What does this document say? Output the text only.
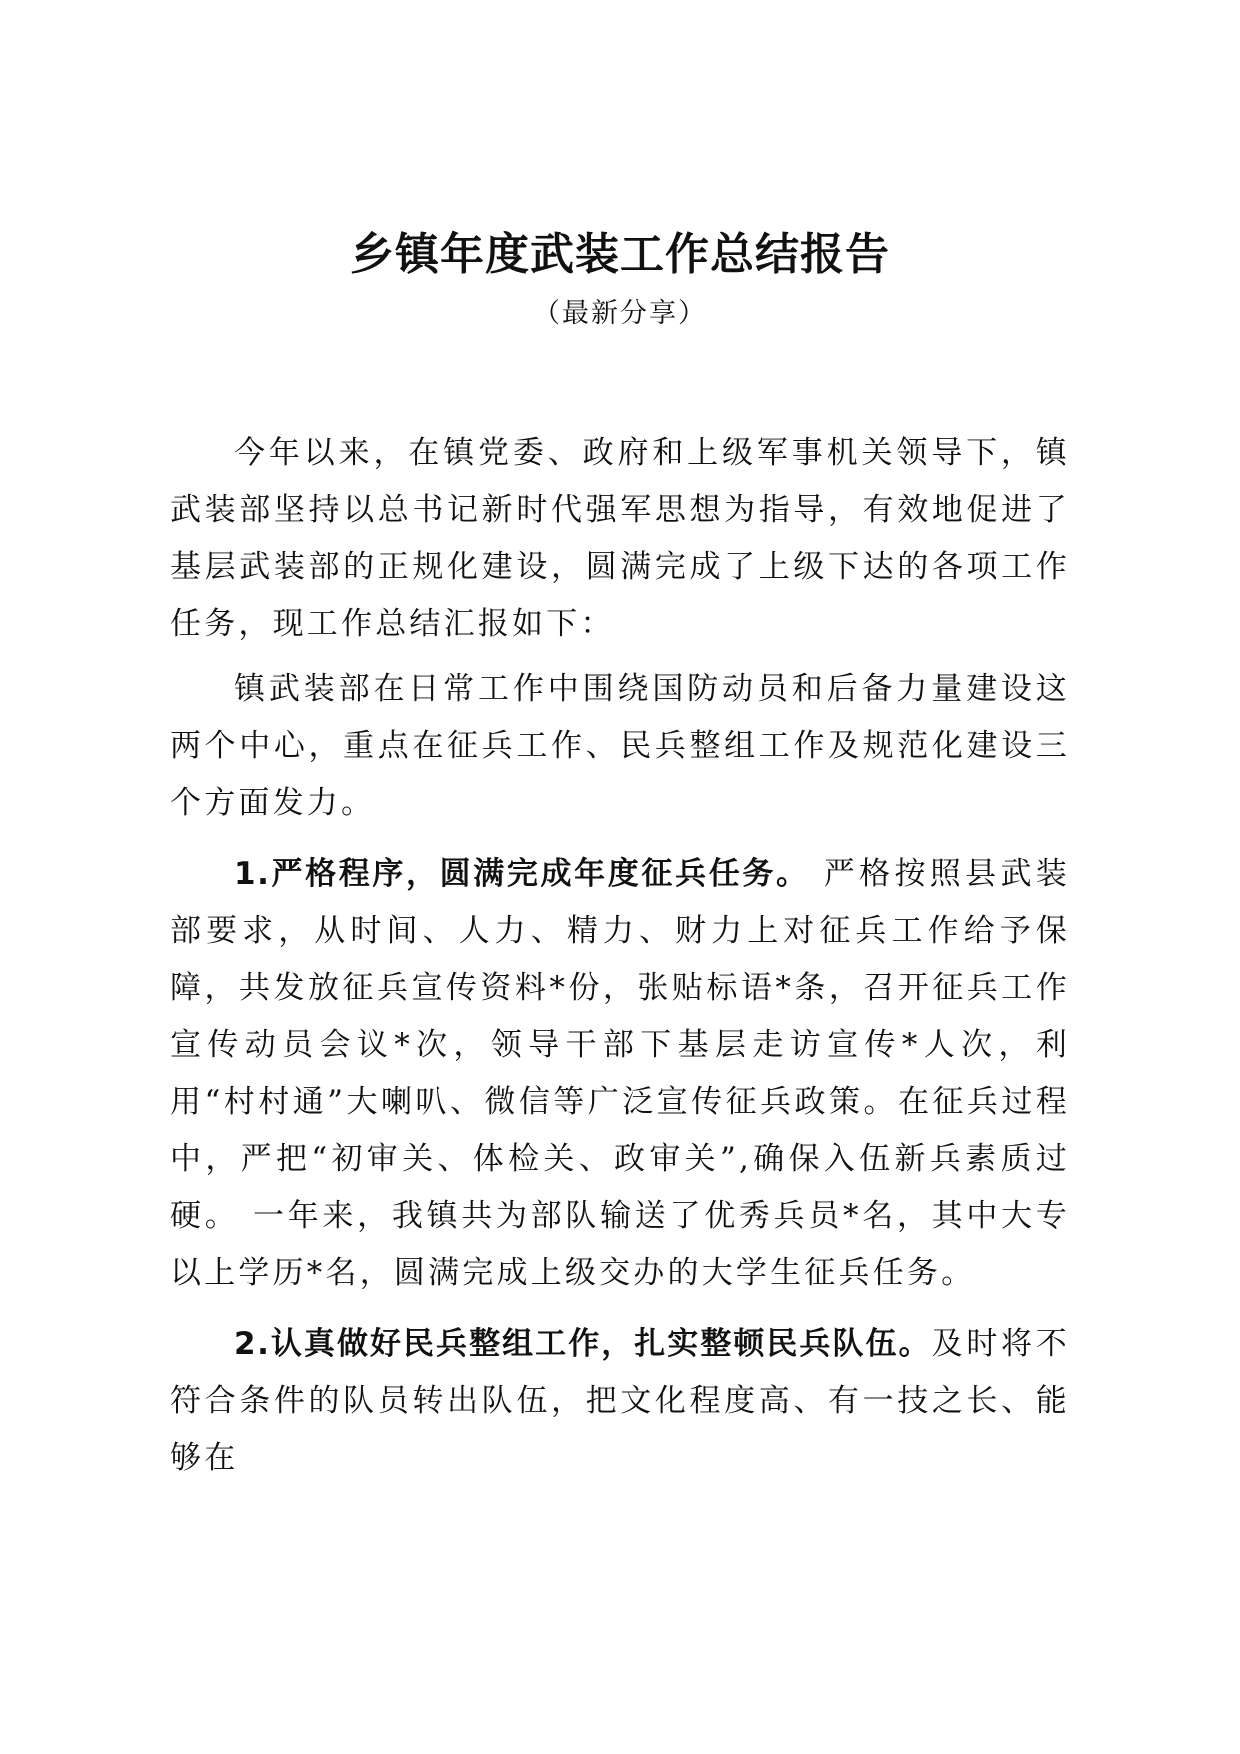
乡镇年度武装工作总结报告
（最新分享）

今年以来，在镇党委、政府和上级军事机关领导下，镇武装部坚持以总书记新时代强军思想为指导，有效地促进了基层武装部的正规化建设，圆满完成了上级下达的各项工作任务，现工作总结汇报如下：

镇武装部在日常工作中围绕国防动员和后备力量建设这两个中心，重点在征兵工作、民兵整组工作及规范化建设三个方面发力。

1.严格程序，圆满完成年度征兵任务。 严格按照县武装部要求，从时间、人力、精力、财力上对征兵工作给予保障，共发放征兵宣传资料*份，张贴标语*条，召开征兵工作宣传动员会议*次，领导干部下基层走访宣传*人次，利用“村村通”大喇叭、微信等广泛宣传征兵政策。在征兵过程中，严把“初审关、体检关、政审关”,确保入伍新兵素质过硬。 一年来，我镇共为部队输送了优秀兵员*名，其中大专以上学历*名，圆满完成上级交办的大学生征兵任务。

2.认真做好民兵整组工作，扎实整顿民兵队伍。及时将不符合条件的队员转出队伍，把文化程度高、有一技之长、能够在
